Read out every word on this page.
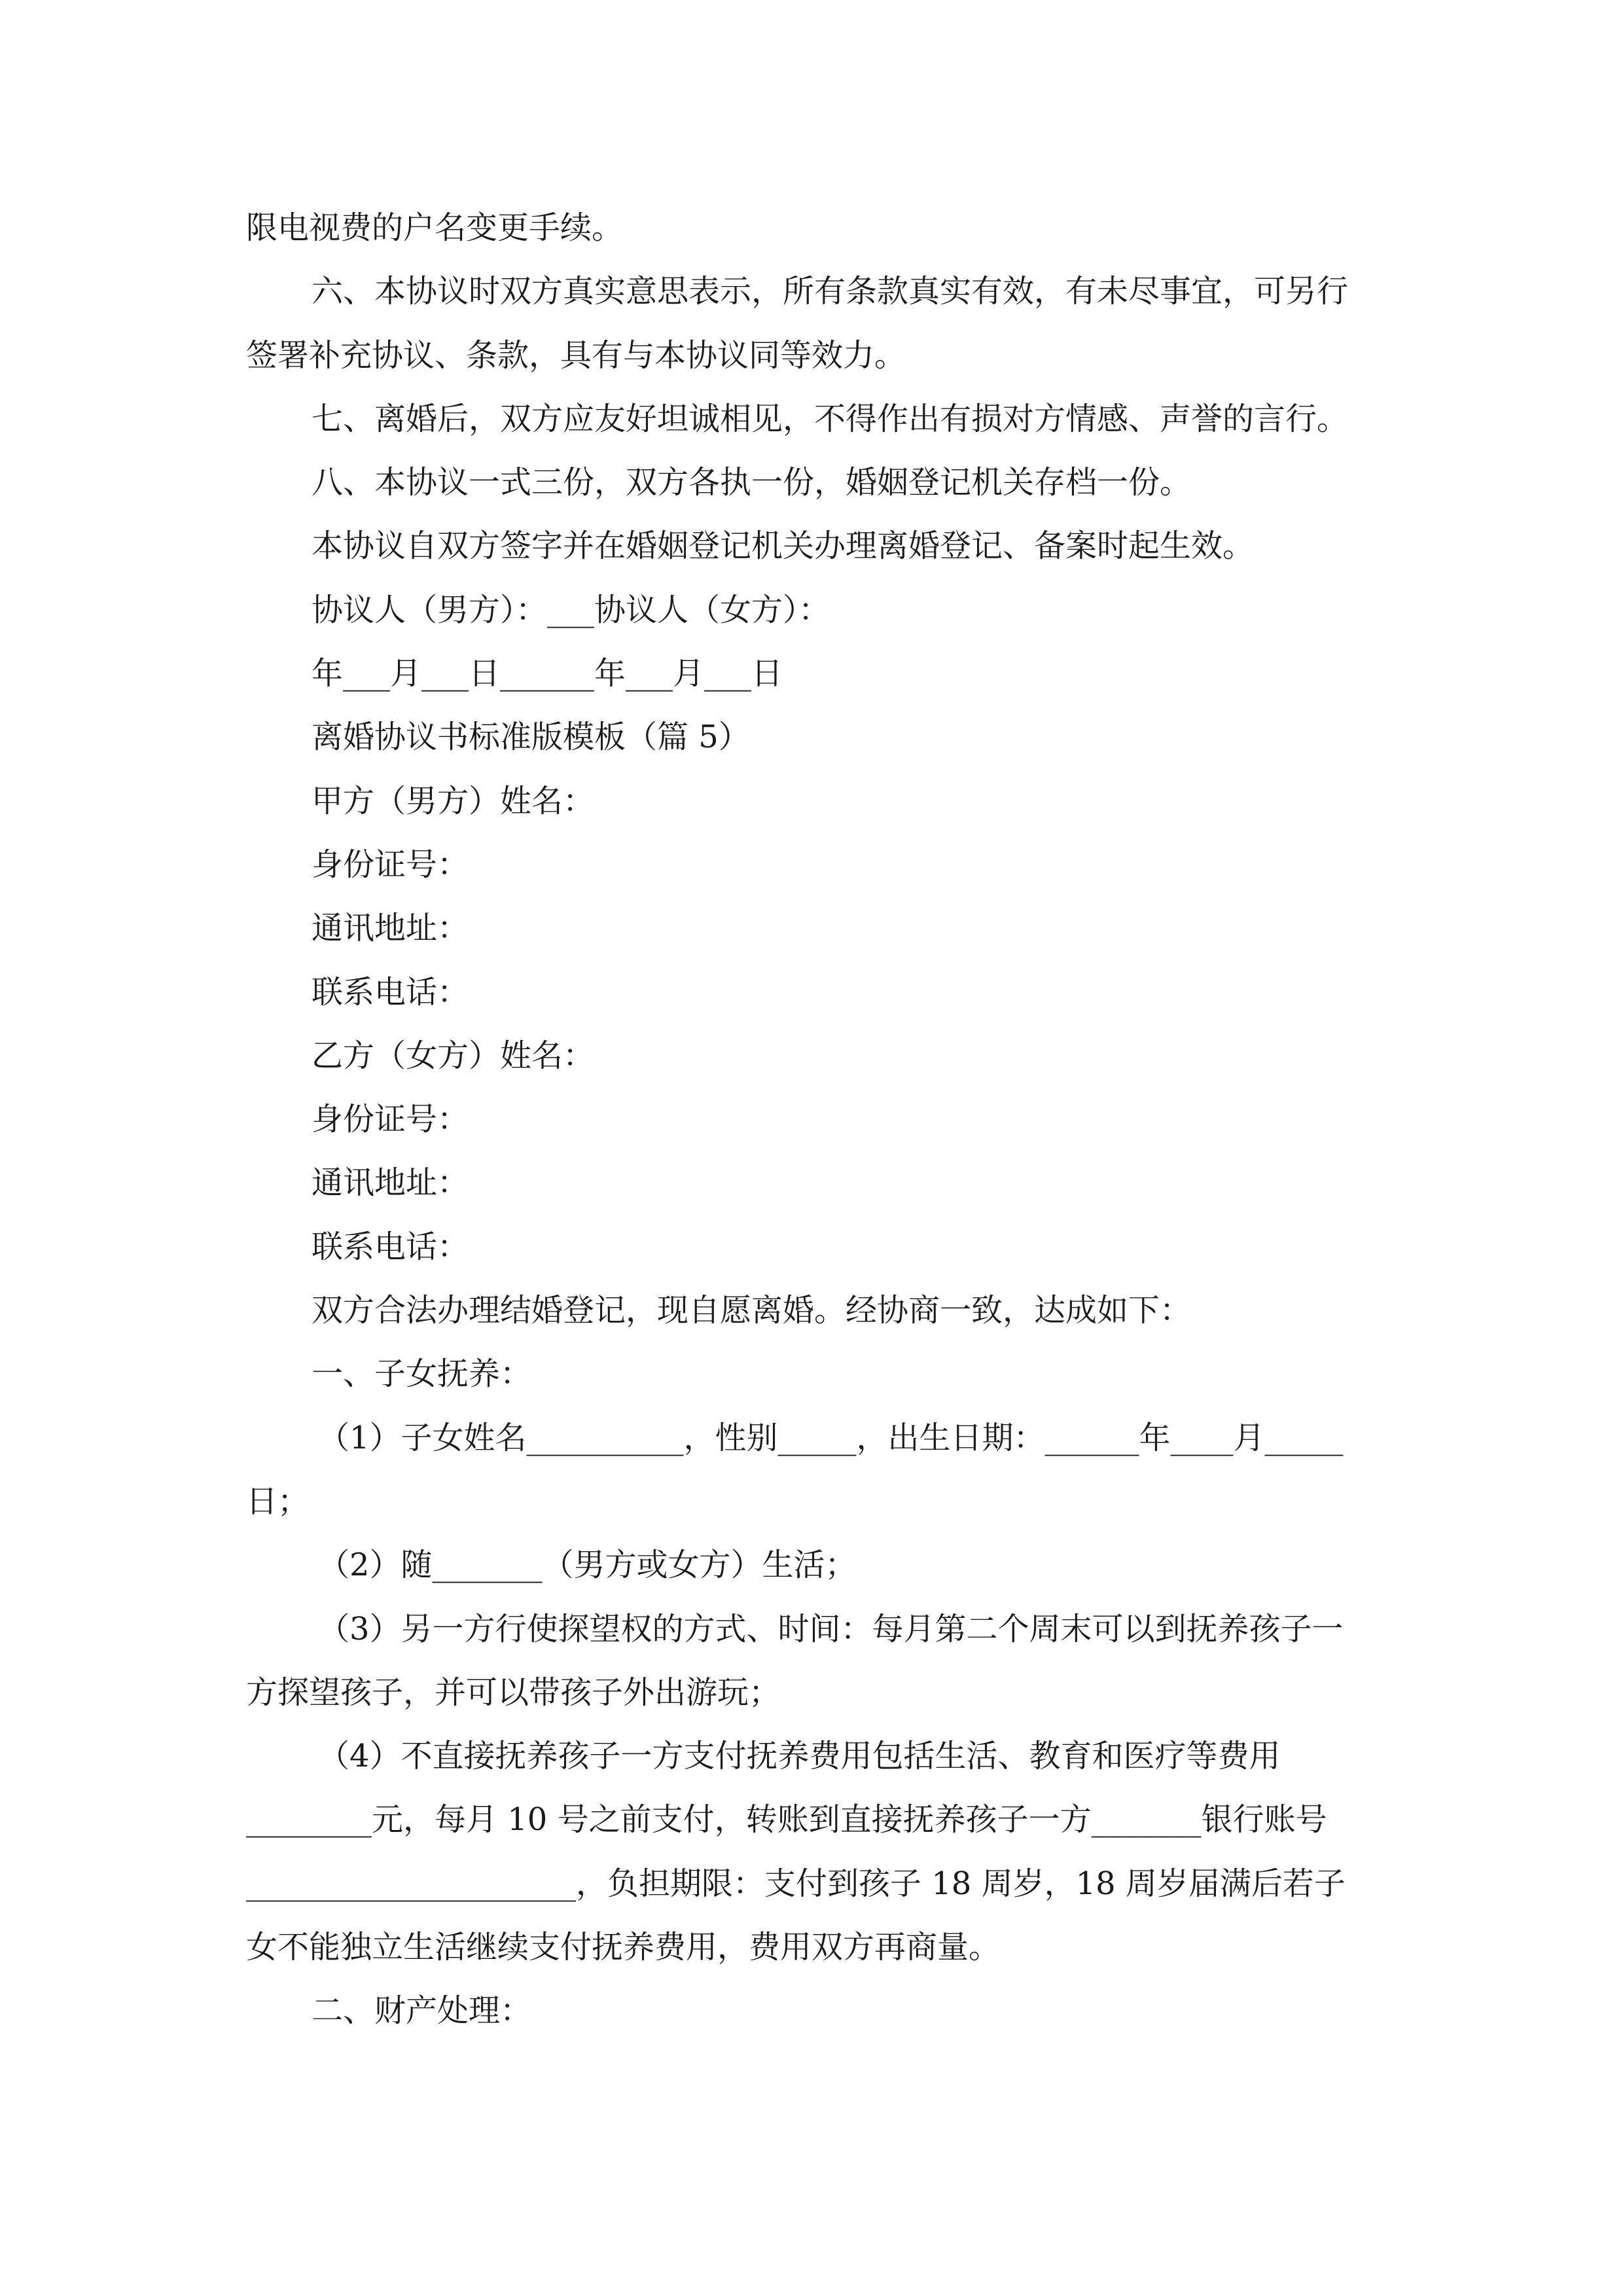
限电视费的户名变更手续。
六、本协议时双方真实意思表示，所有条款真实有效，有未尽事宜，可另行
签署补充协议、条款，具有与本协议同等效力。
七、离婚后，双方应友好坦诚相见，不得作出有损对方情感、声誉的言行。
八、本协议一式三份，双方各执一份，婚姻登记机关存档一份。
本协议自双方签字并在婚姻登记机关办理离婚登记、备案时起生效。
协议人（男方）：___协议人（女方）：
年___月___日______年___月___日
离婚协议书标准版模板（篇 5）
甲方（男方）姓名：
身份证号：
通讯地址：
联系电话：
乙方（女方）姓名：
身份证号：
通讯地址：
联系电话：
双方合法办理结婚登记，现自愿离婚。经协商一致，达成如下：
一、子女抚养：
（1）子女姓名__________，性别_____，出生日期：______年____月_____
日；
（2）随_______（男方或女方）生活；
（3）另一方行使探望权的方式、时间：每月第二个周末可以到抚养孩子一
方探望孩子，并可以带孩子外出游玩；
（4）不直接抚养孩子一方支付抚养费用包括生活、教育和医疗等费用
________元，每月 10 号之前支付，转账到直接抚养孩子一方_______银行账号
_____________________，负担期限：支付到孩子 18 周岁，18 周岁届满后若子
女不能独立生活继续支付抚养费用，费用双方再商量。
二、财产处理：
